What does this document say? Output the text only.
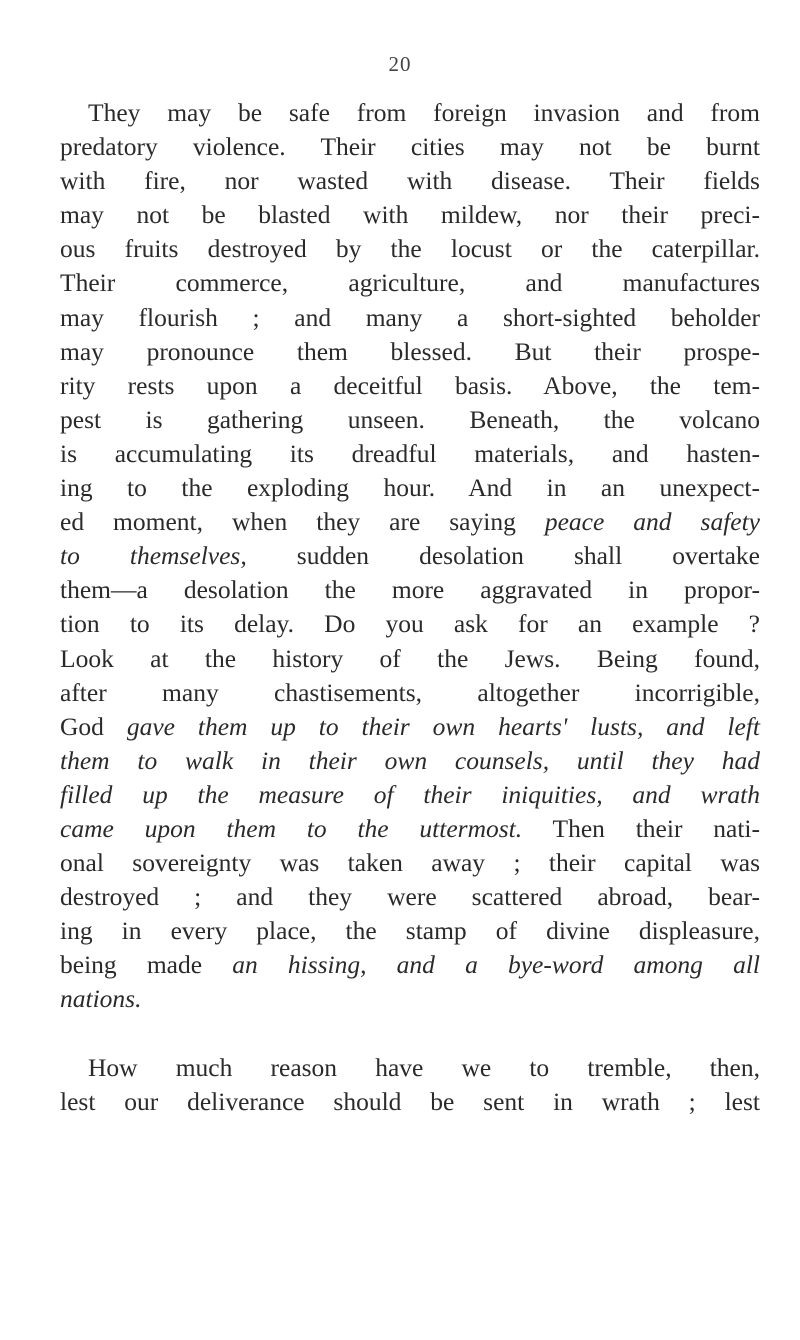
20
They may be safe from foreign invasion and from
predatory violence. Their cities may not be burnt
with fire, nor wasted with disease. Their fields
may not be blasted with mildew, nor their preci-
ous fruits destroyed by the locust or the caterpillar.
Their commerce, agriculture, and manufactures
may flourish ; and many a short-sighted beholder
may pronounce them blessed. But their prospe-
rity rests upon a deceitful basis. Above, the tem-
pest is gathering unseen. Beneath, the volcano
is accumulating its dreadful materials, and hasten-
ing to the exploding hour. And in an unexpect-
ed moment, when they are saying peace and safety
to themselves, sudden desolation shall overtake
them—a desolation the more aggravated in propor-
tion to its delay. Do you ask for an example ?
Look at the history of the Jews. Being found,
after many chastisements, altogether incorrigible,
God gave them up to their own hearts' lusts, and left
them to walk in their own counsels, until they had
filled up the measure of their iniquities, and wrath
came upon them to the uttermost. Then their nati-
onal sovereignty was taken away ; their capital was
destroyed ; and they were scattered abroad, bear-
ing in every place, the stamp of divine displeasure,
being made an hissing, and a bye-word among all
nations.
How much reason have we to tremble, then,
lest our deliverance should be sent in wrath ; lest
